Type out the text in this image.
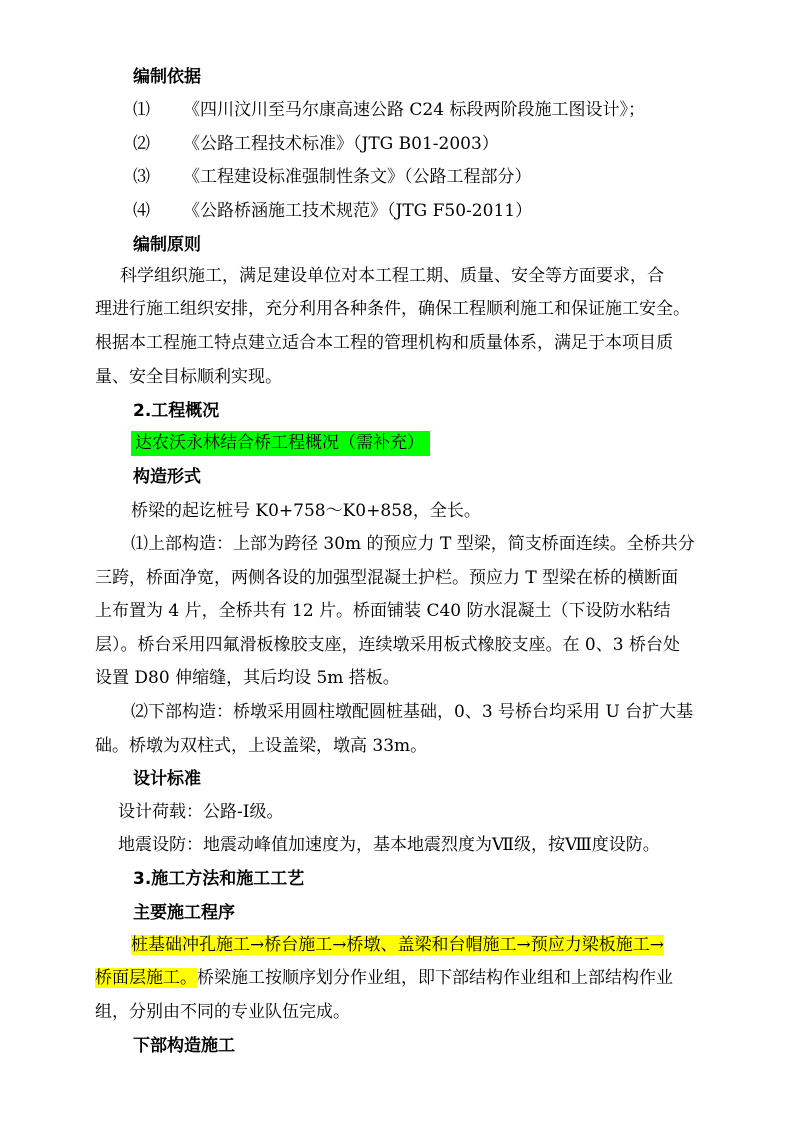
编制依据
⑴ 《四川汶川至马尔康高速公路 C24 标段两阶段施工图设计》；
⑵ 《公路工程技术标准》（JTG B01-2003）
⑶ 《工程建设标准强制性条文》（公路工程部分）
⑷ 《公路桥涵施工技术规范》（JTG F50-2011）
编制原则
科学组织施工，满足建设单位对本工程工期、质量、安全等方面要求，合
理进行施工组织安排，充分利用各种条件，确保工程顺利施工和保证施工安全。
根据本工程施工特点建立适合本工程的管理机构和质量体系，满足于本项目质
量、安全目标顺利实现。
2.工程概况
达农沃永林结合桥工程概况（需补充）
构造形式
桥梁的起讫桩号 K0+758～K0+858，全长。
⑴上部构造：上部为跨径 30m 的预应力 T 型梁，简支桥面连续。全桥共分
三跨，桥面净宽，两侧各设的加强型混凝土护栏。预应力 T 型梁在桥的横断面
上布置为 4 片，全桥共有 12 片。桥面铺装 C40 防水混凝土（下设防水粘结
层）。桥台采用四氟滑板橡胶支座，连续墩采用板式橡胶支座。在 0、3 桥台处
设置 D80 伸缩缝，其后均设 5m 搭板。
⑵下部构造：桥墩采用圆柱墩配圆桩基础，0、3 号桥台均采用 U 台扩大基
础。桥墩为双柱式，上设盖梁，墩高 33m。
设计标准
设计荷载：公路-Ⅰ级。
地震设防：地震动峰值加速度为，基本地震烈度为Ⅶ级，按Ⅷ度设防。
3.施工方法和施工工艺
主要施工程序
桩基础冲孔施工→桥台施工→桥墩、盖梁和台帽施工→预应力梁板施工→
桥面层施工。桥梁施工按顺序划分作业组，即下部结构作业组和上部结构作业
组，分别由不同的专业队伍完成。
下部构造施工
